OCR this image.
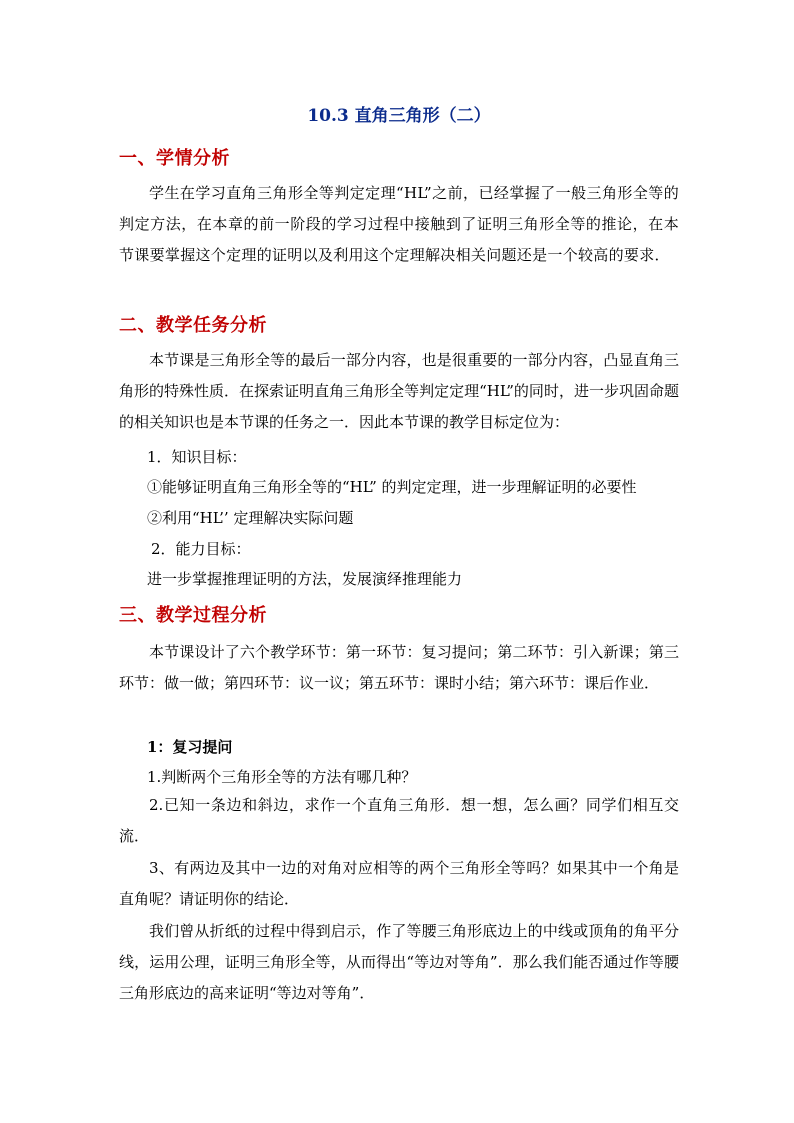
10.3 直角三角形（二）
一、学情分析

学生在学习直角三角形全等判定定理“HL”之前，已经掌握了一般三角形全等的判定方法，在本章的前一阶段的学习过程中接触到了证明三角形全等的推论，在本节课要掌握这个定理的证明以及利用这个定理解决相关问题还是一个较高的要求．

二、教学任务分析

本节课是三角形全等的最后一部分内容，也是很重要的一部分内容，凸显直角三角形的特殊性质．在探索证明直角三角形全等判定定理“HL”的同时，进一步巩固命题的相关知识也是本节课的任务之一．因此本节课的教学目标定位为：

1．知识目标：

①能够证明直角三角形全等的“HL” 的判定定理，进一步理解证明的必要性

②利用“HL’’ 定理解决实际问题

2．能力目标：

进一步掌握推理证明的方法，发展演绎推理能力

三、教学过程分析

本节课设计了六个教学环节：第一环节：复习提问；第二环节：引入新课；第三环节：做一做；第四环节：议一议；第五环节：课时小结；第六环节：课后作业．

1：复习提问

1.判断两个三角形全等的方法有哪几种？

2.已知一条边和斜边，求作一个直角三角形．想一想，怎么画？同学们相互交流．

3、有两边及其中一边的对角对应相等的两个三角形全等吗？如果其中一个角是直角呢？请证明你的结论．

我们曾从折纸的过程中得到启示，作了等腰三角形底边上的中线或顶角的角平分线，运用公理，证明三角形全等，从而得出“等边对等角”．那么我们能否通过作等腰三角形底边的高来证明“等边对等角”．
